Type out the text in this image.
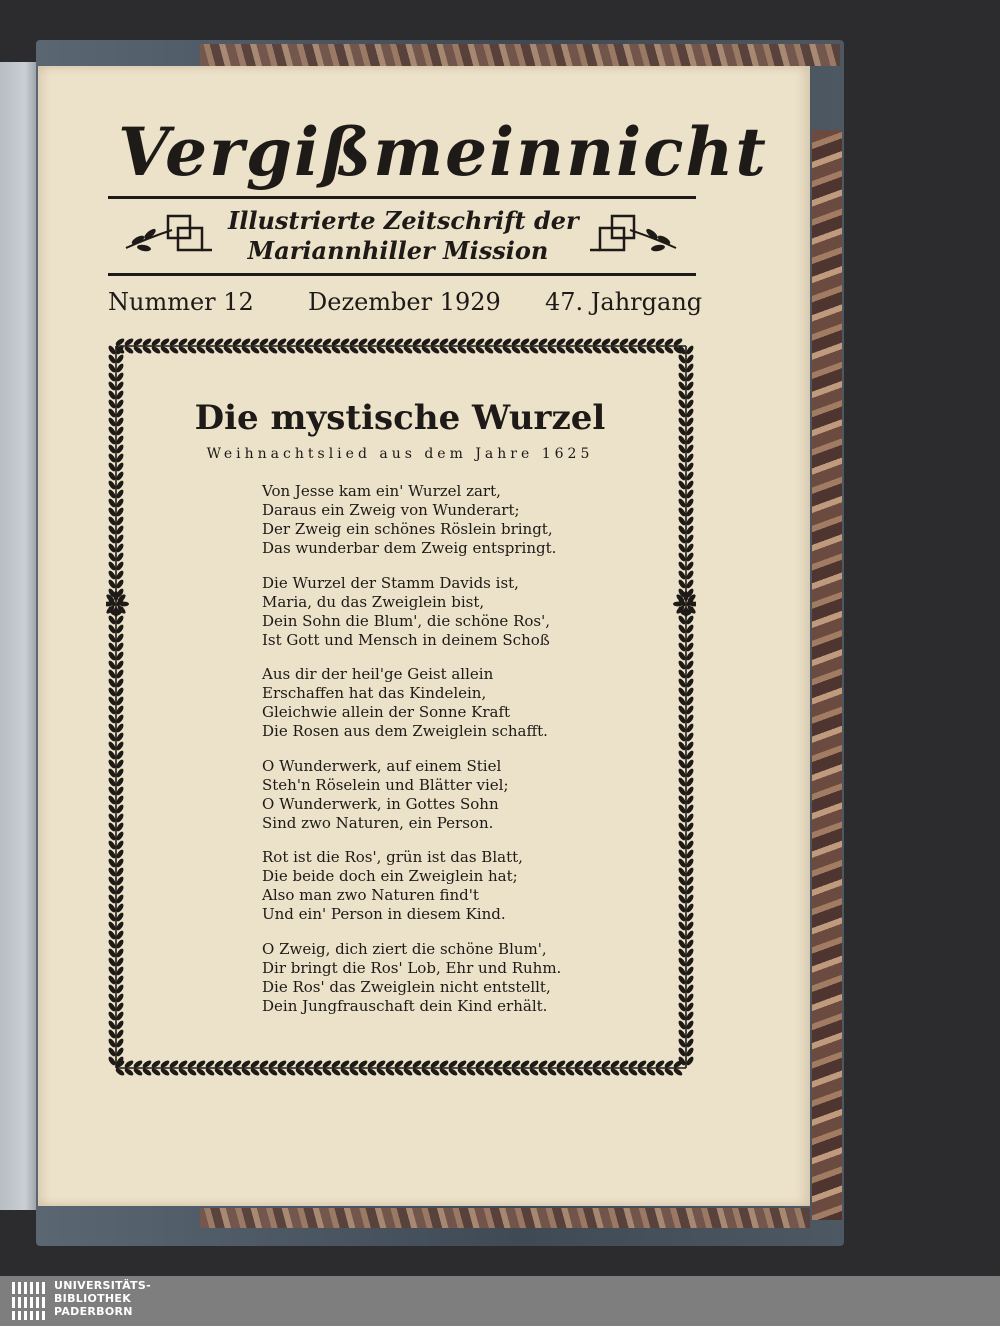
Vergißmeinnicht
Illustrierte Zeitschrift der
Mariannhiller Mission
Nummer 12 Dezember 1929 47. Jahrgang
Die mystische Wurzel
Weihnachtslied aus dem Jahre 1625
Von Jesse kam ein' Wurzel zart,
Daraus ein Zweig von Wunderart;
Der Zweig ein schönes Röslein bringt,
Das wunderbar dem Zweig entspringt.
Die Wurzel der Stamm Davids ist,
Maria, du das Zweiglein bist,
Dein Sohn die Blum', die schöne Ros',
Ist Gott und Mensch in deinem Schoß
Aus dir der heil'ge Geist allein
Erschaffen hat das Kindelein,
Gleichwie allein der Sonne Kraft
Die Rosen aus dem Zweiglein schafft.
O Wunderwerk, auf einem Stiel
Steh'n Röselein und Blätter viel;
O Wunderwerk, in Gottes Sohn
Sind zwo Naturen, ein Person.
Rot ist die Ros', grün ist das Blatt,
Die beide doch ein Zweiglein hat;
Also man zwo Naturen find't
Und ein' Person in diesem Kind.
O Zweig, dich ziert die schöne Blum',
Dir bringt die Ros' Lob, Ehr und Ruhm.
Die Ros' das Zweiglein nicht entstellt,
Dein Jungfrauschaft dein Kind erhält.
UNIVERSITÄTS-
BIBLIOTHEK
PADERBORN
